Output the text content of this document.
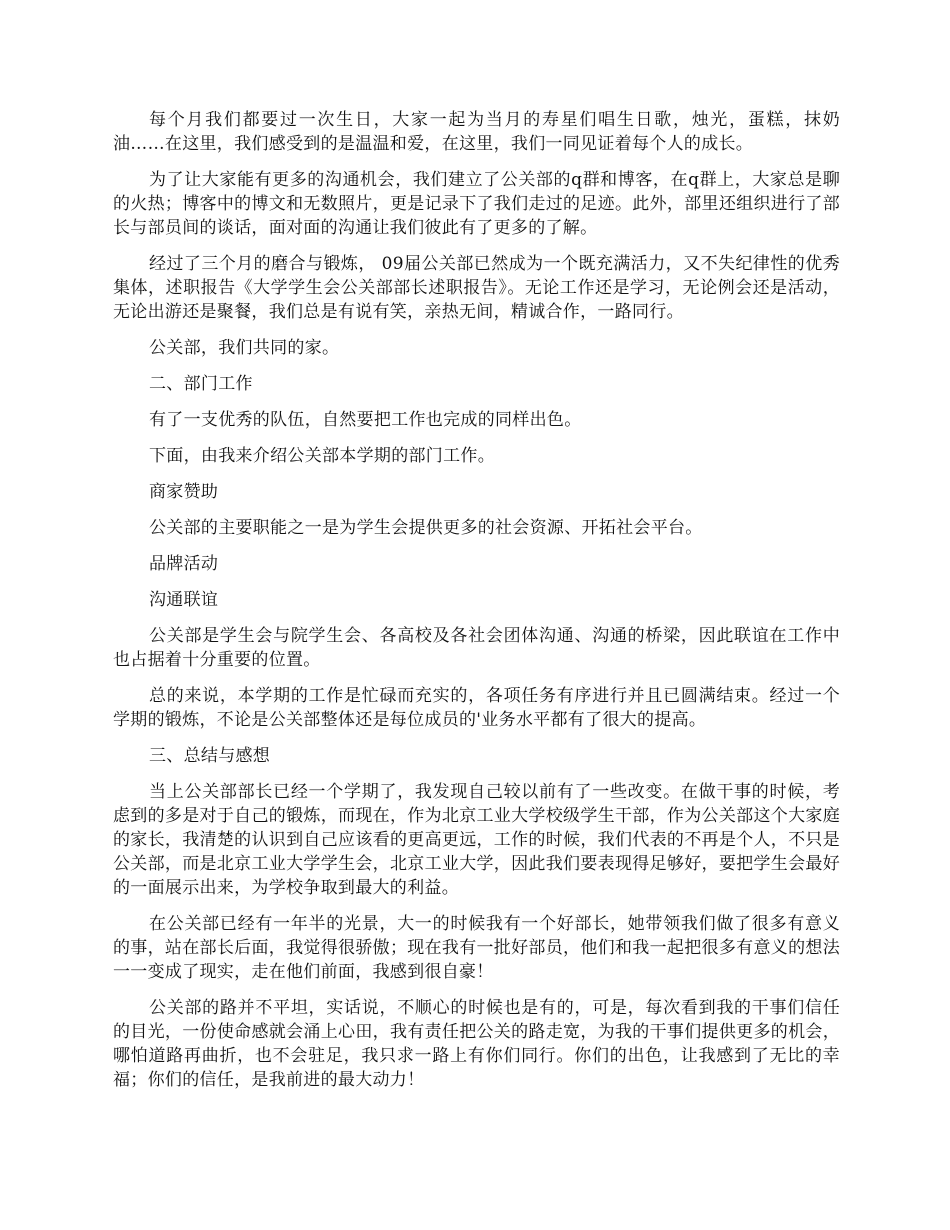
每个月我们都要过一次生日，大家一起为当月的寿星们唱生日歌，烛光，蛋糕，抹奶油……在这里，我们感受到的是温温和爱，在这里，我们一同见证着每个人的成长。

为了让大家能有更多的沟通机会，我们建立了公关部的q群和博客，在q群上，大家总是聊的火热；博客中的博文和无数照片，更是记录下了我们走过的足迹。此外，部里还组织进行了部长与部员间的谈话，面对面的沟通让我们彼此有了更多的了解。

经过了三个月的磨合与锻炼， 09届公关部已然成为一个既充满活力，又不失纪律性的优秀集体，述职报告《大学学生会公关部部长述职报告》。无论工作还是学习，无论例会还是活动，无论出游还是聚餐，我们总是有说有笑，亲热无间，精诚合作，一路同行。

公关部，我们共同的家。

二、部门工作

有了一支优秀的队伍，自然要把工作也完成的同样出色。

下面，由我来介绍公关部本学期的部门工作。

商家赞助

公关部的主要职能之一是为学生会提供更多的社会资源、开拓社会平台。

品牌活动

沟通联谊

公关部是学生会与院学生会、各高校及各社会团体沟通、沟通的桥梁，因此联谊在工作中也占据着十分重要的位置。

总的来说，本学期的工作是忙碌而充实的，各项任务有序进行并且已圆满结束。经过一个学期的锻炼，不论是公关部整体还是每位成员的'业务水平都有了很大的提高。

三、总结与感想

当上公关部部长已经一个学期了，我发现自己较以前有了一些改变。在做干事的时候，考虑到的多是对于自己的锻炼，而现在，作为北京工业大学校级学生干部，作为公关部这个大家庭的家长，我清楚的认识到自己应该看的更高更远，工作的时候，我们代表的不再是个人，不只是公关部，而是北京工业大学学生会，北京工业大学，因此我们要表现得足够好，要把学生会最好的一面展示出来，为学校争取到最大的利益。

在公关部已经有一年半的光景，大一的时候我有一个好部长，她带领我们做了很多有意义的事，站在部长后面，我觉得很骄傲；现在我有一批好部员，他们和我一起把很多有意义的想法一一变成了现实，走在他们前面，我感到很自豪！

公关部的路并不平坦，实话说，不顺心的时候也是有的，可是，每次看到我的干事们信任的目光，一份使命感就会涌上心田，我有责任把公关的路走宽，为我的干事们提供更多的机会，哪怕道路再曲折，也不会驻足，我只求一路上有你们同行。你们的出色，让我感到了无比的幸福；你们的信任，是我前进的最大动力！
